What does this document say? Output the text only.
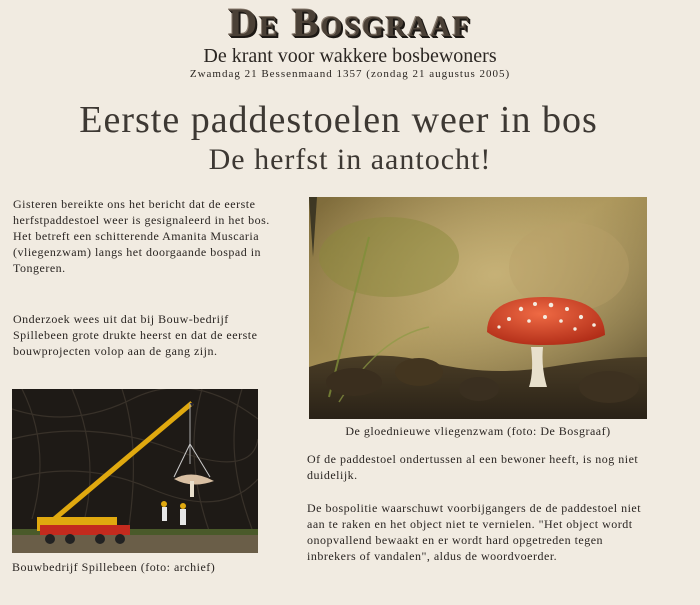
De Bosgraaf
De krant voor wakkere bosbewoners
Zwamdag 21 Bessenmaand 1357 (zondag 21 augustus 2005)
Eerste paddestoelen weer in bos
De herfst in aantocht!

Gisteren bereikte ons het bericht dat de eerste herfstpaddestoel weer is gesignaleerd in het bos. Het betreft een schitterende Amanita Muscaria (vliegenzwam) langs het doorgaande bospad in Tongeren.

Onderzoek wees uit dat bij Bouw-bedrijf Spillebeen grote drukte heerst en dat de eerste bouwprojecten volop aan de gang zijn.

De gloednieuwe vliegenzwam (foto: De Bosgraaf)

Of de paddestoel ondertussen al een bewoner heeft, is nog niet duidelijk.

De bospolitie waarschuwt voorbijgangers de de paddestoel niet aan te raken en het object niet te vernielen. "Het object wordt onopvallend bewaakt en er wordt hard opgetreden tegen inbrekers of vandalen", aldus de woordvoerder.

Bouwbedrijf Spillebeen (foto: archief)
